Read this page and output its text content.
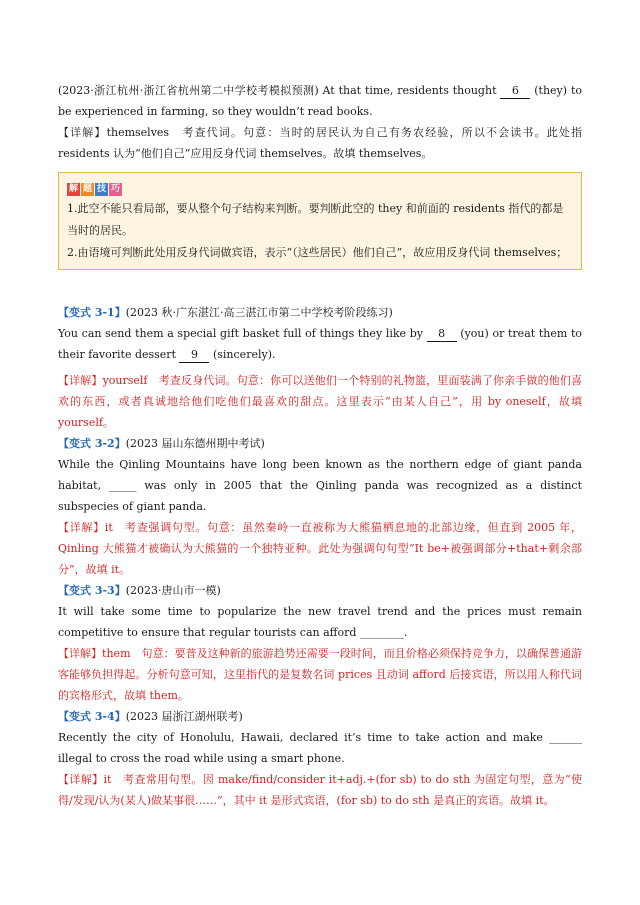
(2023·浙江杭州·浙江省杭州第二中学校考模拟预测) At that time, residents thought 6 (they) to be experienced in farming, so they wouldn’t read books.

【详解】themselves　考查代词。句意：当时的居民认为自己有务农经验，所以不会读书。此处指 residents 认为“他们自己”应用反身代词 themselves。故填 themselves。

解 题 技 巧

1.此空不能只看局部，要从整个句子结构来判断。要判断此空的 they 和前面的 residents 指代的都是当时的居民。

2.由语境可判断此处用反身代词做宾语，表示“（这些居民）他们自己”，故应用反身代词 themselves；

【变式 3-1】(2023 秋·广东湛江·高三湛江市第二中学校考阶段练习)

You can send them a special gift basket full of things they like by 8 (you) or treat them to their favorite dessert 9 (sincerely).

【详解】yourself　考查反身代词。句意：你可以送他们一个特别的礼物篮，里面装满了你亲手做的他们喜欢的东西，或者真诚地给他们吃他们最喜欢的甜点。这里表示“由某人自己”，用 by oneself，故填 yourself。

【变式 3-2】(2023 届山东德州期中考试)

While the Qinling Mountains have long been known as the northern edge of giant panda habitat, _____ was only in 2005 that the Qinling panda was recognized as a distinct subspecies of giant panda.

【详解】it　考查强调句型。句意：虽然秦岭一直被称为大熊猫栖息地的北部边缘，但直到 2005 年，Qinling 大熊猫才被确认为大熊猫的一个独特亚种。此处为强调句句型“It be+被强调部分+that+剩余部分”，故填 it。

【变式 3-3】(2023·唐山市一模)

It will take some time to popularize the new travel trend and the prices must remain competitive to ensure that regular tourists can afford ________.

【详解】them　句意：要普及这种新的旅游趋势还需要一段时间，而且价格必须保持竞争力，以确保普通游客能够负担得起。分析句意可知，这里指代的是复数名词 prices 且动词 afford 后接宾语，所以用人称代词的宾格形式，故填 them。

【变式 3-4】(2023 届浙江湖州联考)

Recently the city of Honolulu, Hawaii, declared it’s time to take action and make ______ illegal to cross the road while using a smart phone.

【详解】it　考查常用句型。因 make/find/consider it+adj.+(for sb) to do sth 为固定句型，意为“使得/发现/认为(某人)做某事很……”，其中 it 是形式宾语，(for sb) to do sth 是真正的宾语。故填 it。
